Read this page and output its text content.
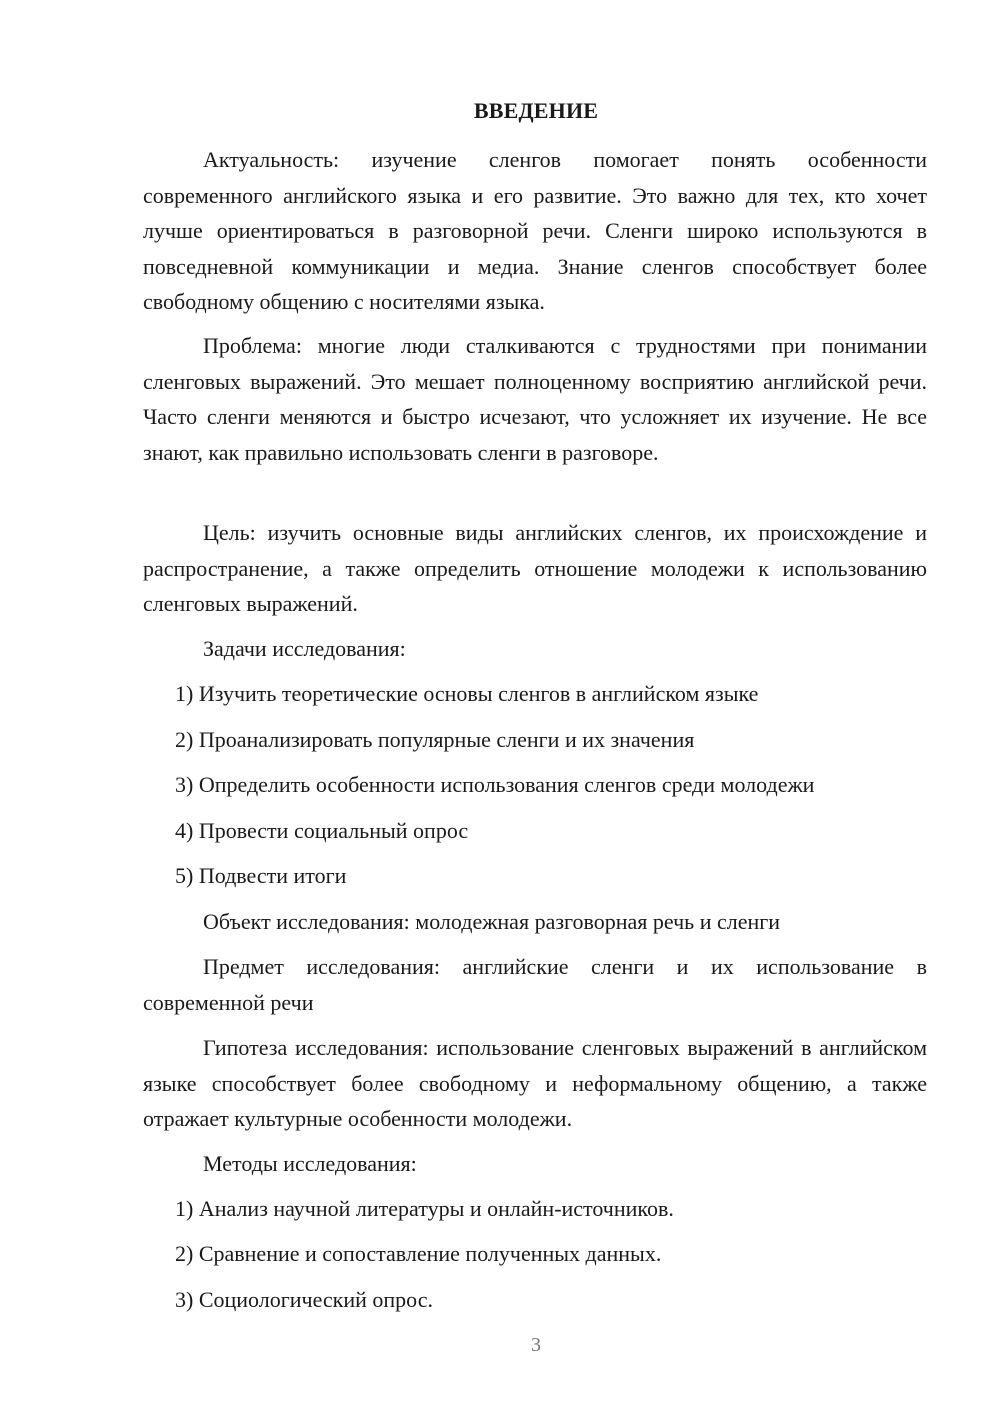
ВВЕДЕНИЕ

Актуальность: изучение сленгов помогает понять особенности современного английского языка и его развитие. Это важно для тех, кто хочет лучше ориентироваться в разговорной речи. Сленги широко используются в повседневной коммуникации и медиа. Знание сленгов способствует более свободному общению с носителями языка.

Проблема: многие люди сталкиваются с трудностями при понимании сленговых выражений. Это мешает полноценному восприятию английской речи. Часто сленги меняются и быстро исчезают, что усложняет их изучение. Не все знают, как правильно использовать сленги в разговоре.

Цель: изучить основные виды английских сленгов, их происхождение и распространение, а также определить отношение молодежи к использованию сленговых выражений.

Задачи исследования:
1) Изучить теоретические основы сленгов в английском языке
2) Проанализировать популярные сленги и их значения
3) Определить особенности использования сленгов среди молодежи
4) Провести социальный опрос
5) Подвести итоги
Объект исследования: молодежная разговорная речь и сленги

Предмет исследования: английские сленги и их использование в современной речи

Гипотеза исследования: использование сленговых выражений в английском языке способствует более свободному и неформальному общению, а также отражает культурные особенности молодежи.

Методы исследования:
1) Анализ научной литературы и онлайн-источников.
2) Сравнение и сопоставление полученных данных.
3) Социологический опрос.
3
